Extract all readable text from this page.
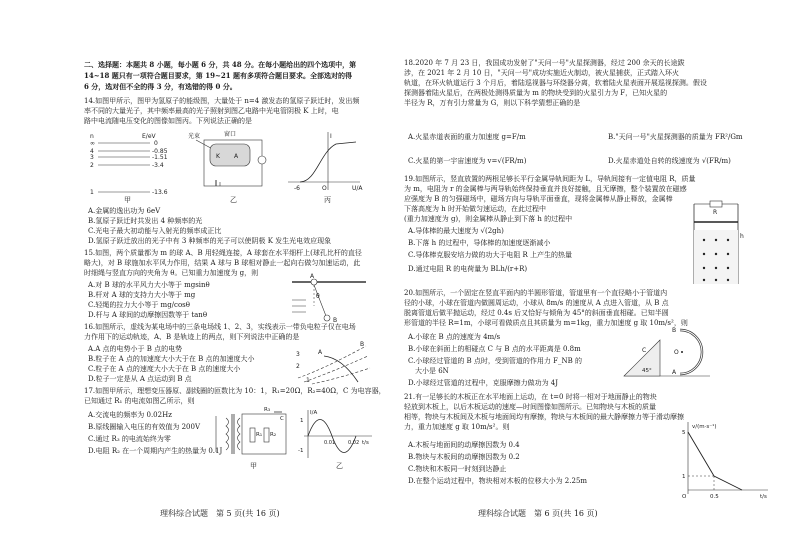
二、选择题：本题共 8 小题，每小题 6 分，共 48 分。在每小题给出的四个选项中，第
14~18 题只有一项符合题目要求，第 19~21 题有多项符合题目要求。全部选对的得
6 分，选对但不全的得 3 分，有选错的得 0 分。
14.如图甲所示，图甲为氢原子的能级图，大量处于 n=4 激发态的氢原子跃迁时，发出频
率不同的大量光子，其中频率最高的光子照射到图乙电路中光电管阴极 K 上时，电
路中电流随电压变化的图像如图丙。下列说法正确的是
n	E/eV
∞	0
4
3
2
1
-0.85
-1.51
-3.4
-13.6
甲
光束	窗口
A
K
乙
I
U/A
-6	O
丙
A.金属的逸出功为 6eV
B.氢原子跃迁时共发出 4 种频率的光
C.光电子最大初动能与入射光的频率成正比
D.氢原子跃迁放出的光子中有 3 种频率的光子可以使阴极 K 发生光电效应现象
15.如图，两个质量都为 m 的球 A、B 用轻绳连接，A 球套在水平细杆上(球孔比杆的直径
略大)，对 B 球施加水平风力作用，结果 A 球与 B 球相对静止一起向右做匀加速运动，此
时细绳与竖直方向的夹角为 θ。已知重力加速度为 g，则
A.对 B 球的水平风力大小等于 mgsinθ
B.杆对 A 球的支持力大小等于 mg
C.轻绳的拉力大小等于 mg/cosθ
D.杆与 A 球间的动摩擦因数等于 tanθ
A
θ
B
16.如图所示，虚线为某电场中的三条电场线 1、2、3，实线表示一带负电粒子仅在电场
力作用下的运动轨迹，A、B 是轨迹上的两点，则下列说法中正确的是
A.A 点的电势小于 B 点的电势
B.粒子在 A 点的加速度大小大于在 B 点的加速度大小
C.粒子在 A 点的速度大小大于在 B 点的速度大小
D.粒子一定是从 A 点运动到 B 点
3
2
1
A
B
17.如图甲所示，理想变压器原、副线圈的匝数比为 10：1，R₁=20Ω，R₂=40Ω，C 为电容器，
已知通过 R₁ 的电流如图乙所示，则
A.交流电的频率为 0.02Hz
B.原线圈输入电压的有效值为 200V
C.通过 R₃ 的电流始终为零
D.电阻 R₂ 在一个周期内产生的热量为 0.1J
R₁ R₂
R₃
C
甲
I/A
1
-1
t/s
0.01	0.02
乙
理科综合试题　第 5 页(共 16 页)
18.2020 年 7 月 23 日，我国成功发射了"天问一号"火星探测器，经过 200 余天的长途跋
涉，在 2021 年 2 月 10 日，"天问一号"成功实施近火制动，被火星捕获，正式踏入环火
轨道，在环火轨道运行 3 个月后，着陆巡视器与环绕器分离，软着陆火星表面开展巡视探测。假设
探测器着陆火星后，在两极处测得质量为 m 的物块受到的火星引力为 F，已知火星的
半径为 R，万有引力常量为 G，则以下科学猜想正确的是
A.火星赤道表面的重力加速度 g=F/m	B."天问一号"火星探测器的质量为 FR²/Gm
C.火星的第一宇宙速度为 v=√(FR/m)	D.火星赤道处自转的线速度为 √(FR/m)
19.如图所示，竖直放置的两根足够长平行金属导轨间距为 L，导轨间接有一定值电阻 R，质量
为 m，电阻为 r 的金属棒与两导轨始终保持垂直并良好接触，且无摩擦，整个装置放在磁感
应强度为 B 的匀强磁场中，磁场方向与导轨平面垂直，现将金属棒从静止释放，金属棒
下落高度为 h 时开始做匀速运动，在此过程中
(重力加速度为 g)，则金属棒从静止到下落 h 的过程中
A.导体棒的最大速度为 √(2gh)
B.下落 h 的过程中，导体棒的加速度逐渐减小
C.导体棒克服安培力做的功大于电阻 R 上产生的热量
D.通过电阻 R 的电荷量为 BLh/(r+R)
R
h
20.如图所示，一个固定在竖直平面内的半圆形管道，管道里有一个直径略小于管道内
径的小球，小球在管道内做圆周运动，小球从 8m/s 的速度从 A 点进入管道，从 B 点
脱离管道后做平抛运动，经过 0.4s 后又恰好与倾角为 45°的斜面垂直相碰。已知半圆
形管道的半径 R=1m，小球可看做质点且其质量为 m=1kg，重力加速度 g 取 10m/s²，则
A.小球在 B 点的速度为 4m/s
B.小球在斜面上的相碰点 C 与 B 点的水平距离是 0.8m
C.小球经过管道的 B 点时，受到管道的作用力 F_NB 的
　大小是 6N
D.小球经过管道的过程中，克服摩擦力做功为 4J
45°
C	O
B
A
21.有一足够长的木板正在水平地面上运动，在 t=0 时将一相对于地面静止的物块
轻放到木板上，以后木板运动的速度—时间图像如图所示。已知物块与木板的质量
相等，物块与木板间及木板与地面间均有摩擦，物块与木板间的最大静摩擦力等于滑动摩擦
力，重力加速度 g 取 10m/s²。则
A.木板与地面间的动摩擦因数为 0.4
B.物块与木板间的动摩擦因数为 0.2
C.物块和木板同一时刻到达静止
D.在整个运动过程中，物块相对木板的位移大小为 2.25m
v/(m·s⁻¹)
t/s
5
1
O	0.5
理科综合试题　第 6 页(共 16 页)
